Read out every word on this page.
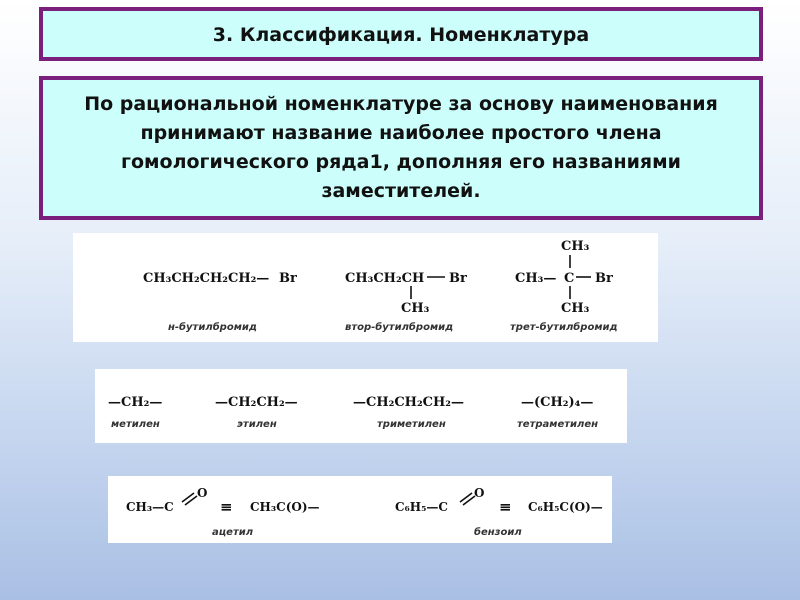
3. Классификация. Номенклатура
По рациональной номенклатуре за основу наименования принимают название наиболее простого члена гомологического ряда1, дополняя его названиями заместителей.
CH₃CH₂CH₂CH₂— Br
н-бутилбромид
CH₃CH₂CH Br
CH₃
втор-бутилбромид
CH₃
CH₃— C Br
CH₃
трет-бутилбромид
—CH₂—
метилен
—CH₂CH₂—
этилен
—CH₂CH₂CH₂—
триметилен
—(CH₂)₄—
тетраметилен
CH₃—C
O
≡ CH₃C(O)—
ацетил
C₆H₅—C
O
≡ C₆H₅C(O)—
бензоил
